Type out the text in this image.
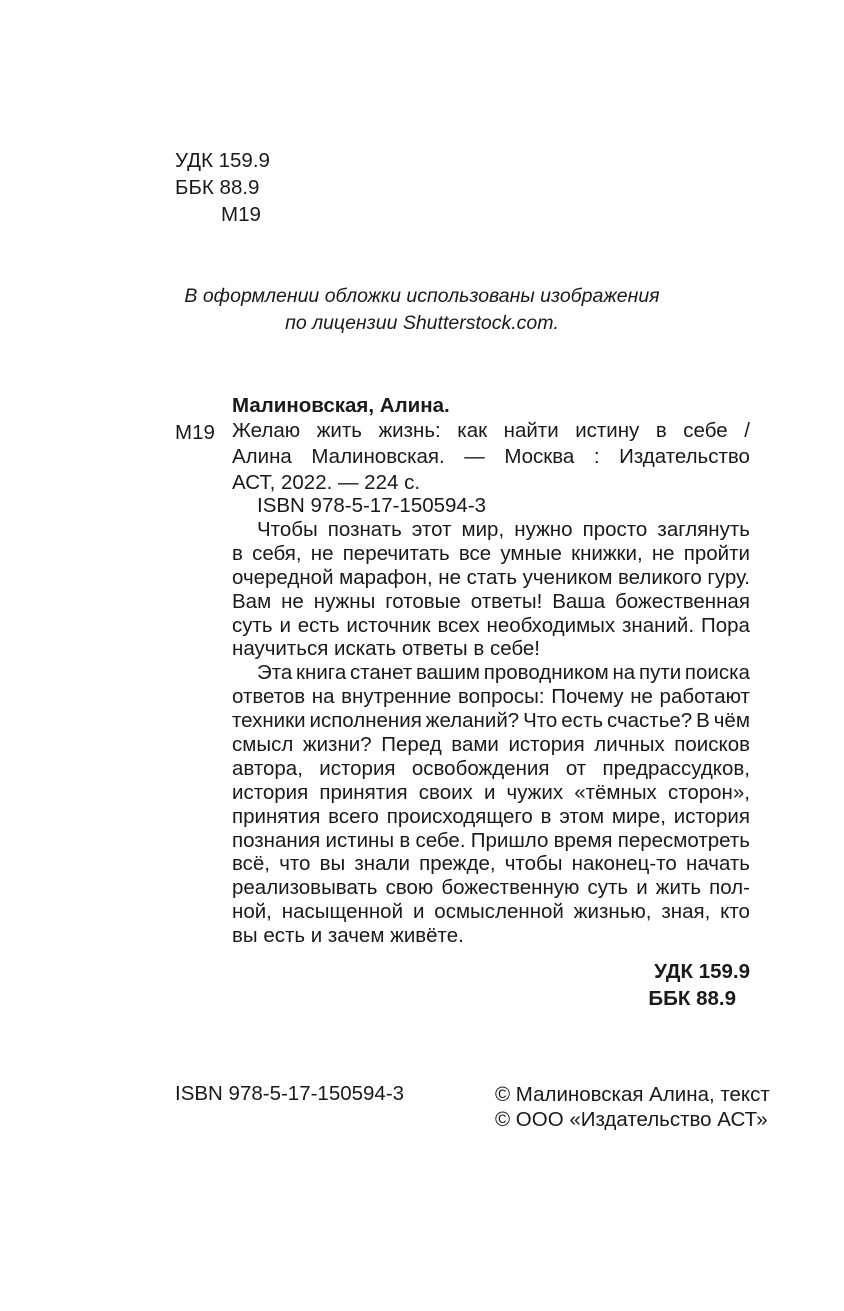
УДК 159.9
ББК 88.9
М19
В оформлении обложки использованы изображения
по лицензии Shutterstock.com.
Малиновская, Алина.
М19 Желаю жить жизнь: как найти истину в себе /
Алина Малиновская. — Москва : Издательство
АСТ, 2022. — 224 с.
ISBN 978-5-17-150594-3
Чтобы познать этот мир, нужно просто заглянуть
в себя, не перечитать все умные книжки, не пройти
очередной марафон, не стать учеником великого гуру.
Вам не нужны готовые ответы! Ваша божественная
суть и есть источник всех необходимых знаний. Пора
научиться искать ответы в себе!
Эта книга станет вашим проводником на пути поиска
ответов на внутренние вопросы: Почему не работают
техники исполнения желаний? Что есть счастье? В чём
смысл жизни? Перед вами история личных поисков
автора, история освобождения от предрассудков,
история принятия своих и чужих «тёмных сторон»,
принятия всего происходящего в этом мире, история
познания истины в себе. Пришло время пересмотреть
всё, что вы знали прежде, чтобы наконец-то начать
реализовывать свою божественную суть и жить пол-
ной, насыщенной и осмысленной жизнью, зная, кто
вы есть и зачем живёте.
УДК 159.9
ББК 88.9
ISBN 978-5-17-150594-3	© Малиновская Алина, текст
© ООО «Издательство АСТ»
